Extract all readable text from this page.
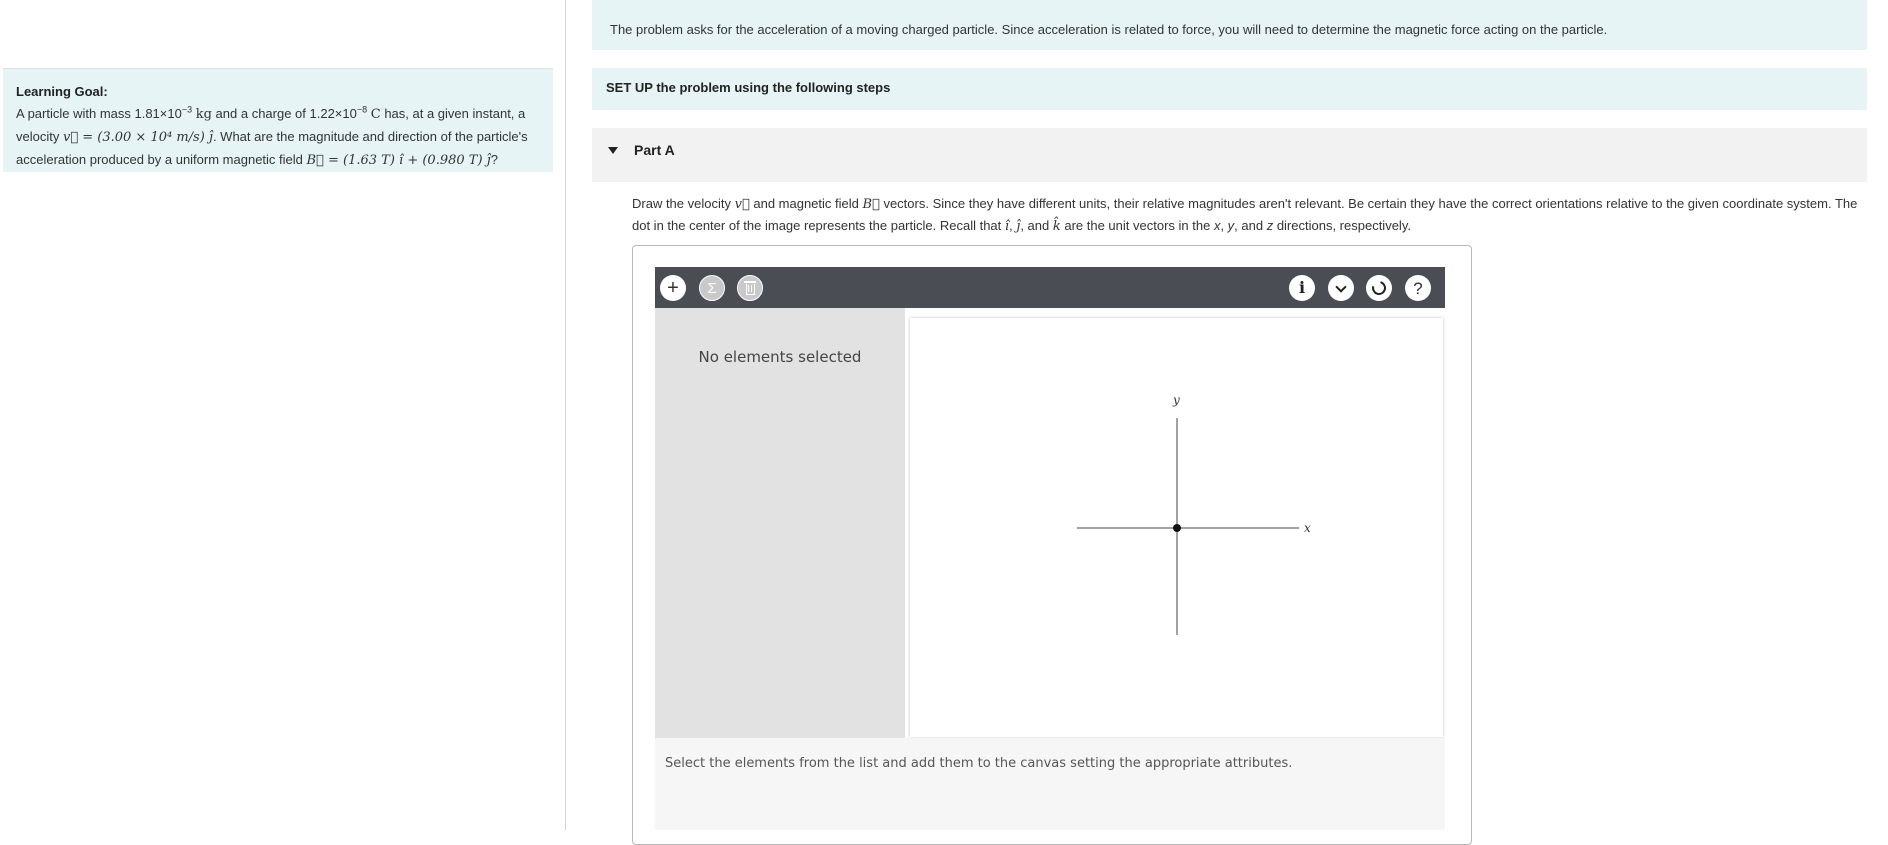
Learning Goal:
A particle with mass $1.81\times 10^{-3}$ kg and a charge of $1.22\times 10^{-8}$ C has, at a given instant, a
velocity v⃗ = (3.00 × 10⁴ m/s) ĵ. What are the magnitude and direction of the particle's
acceleration produced by a uniform magnetic field B⃗ = (1.63 T) î + (0.980 T) ĵ?
The problem asks for the acceleration of a moving charged particle. Since acceleration is related to force, you will need to determine the magnetic force acting on the particle.
SET UP the problem using the following steps
Part A
Draw the velocity v⃗ and magnetic field B⃗ vectors. Since they have different units, their relative magnitudes aren't relevant. Be certain they have the correct orientations relative to the given coordinate system. The dot in the center of the image represents the particle. Recall that î, ĵ, and k̂ are the unit vectors in the x, y, and z directions, respectively.
+ Σ	i	?
No elements selected
x
y
Select the elements from the list and add them to the canvas setting the appropriate attributes.
